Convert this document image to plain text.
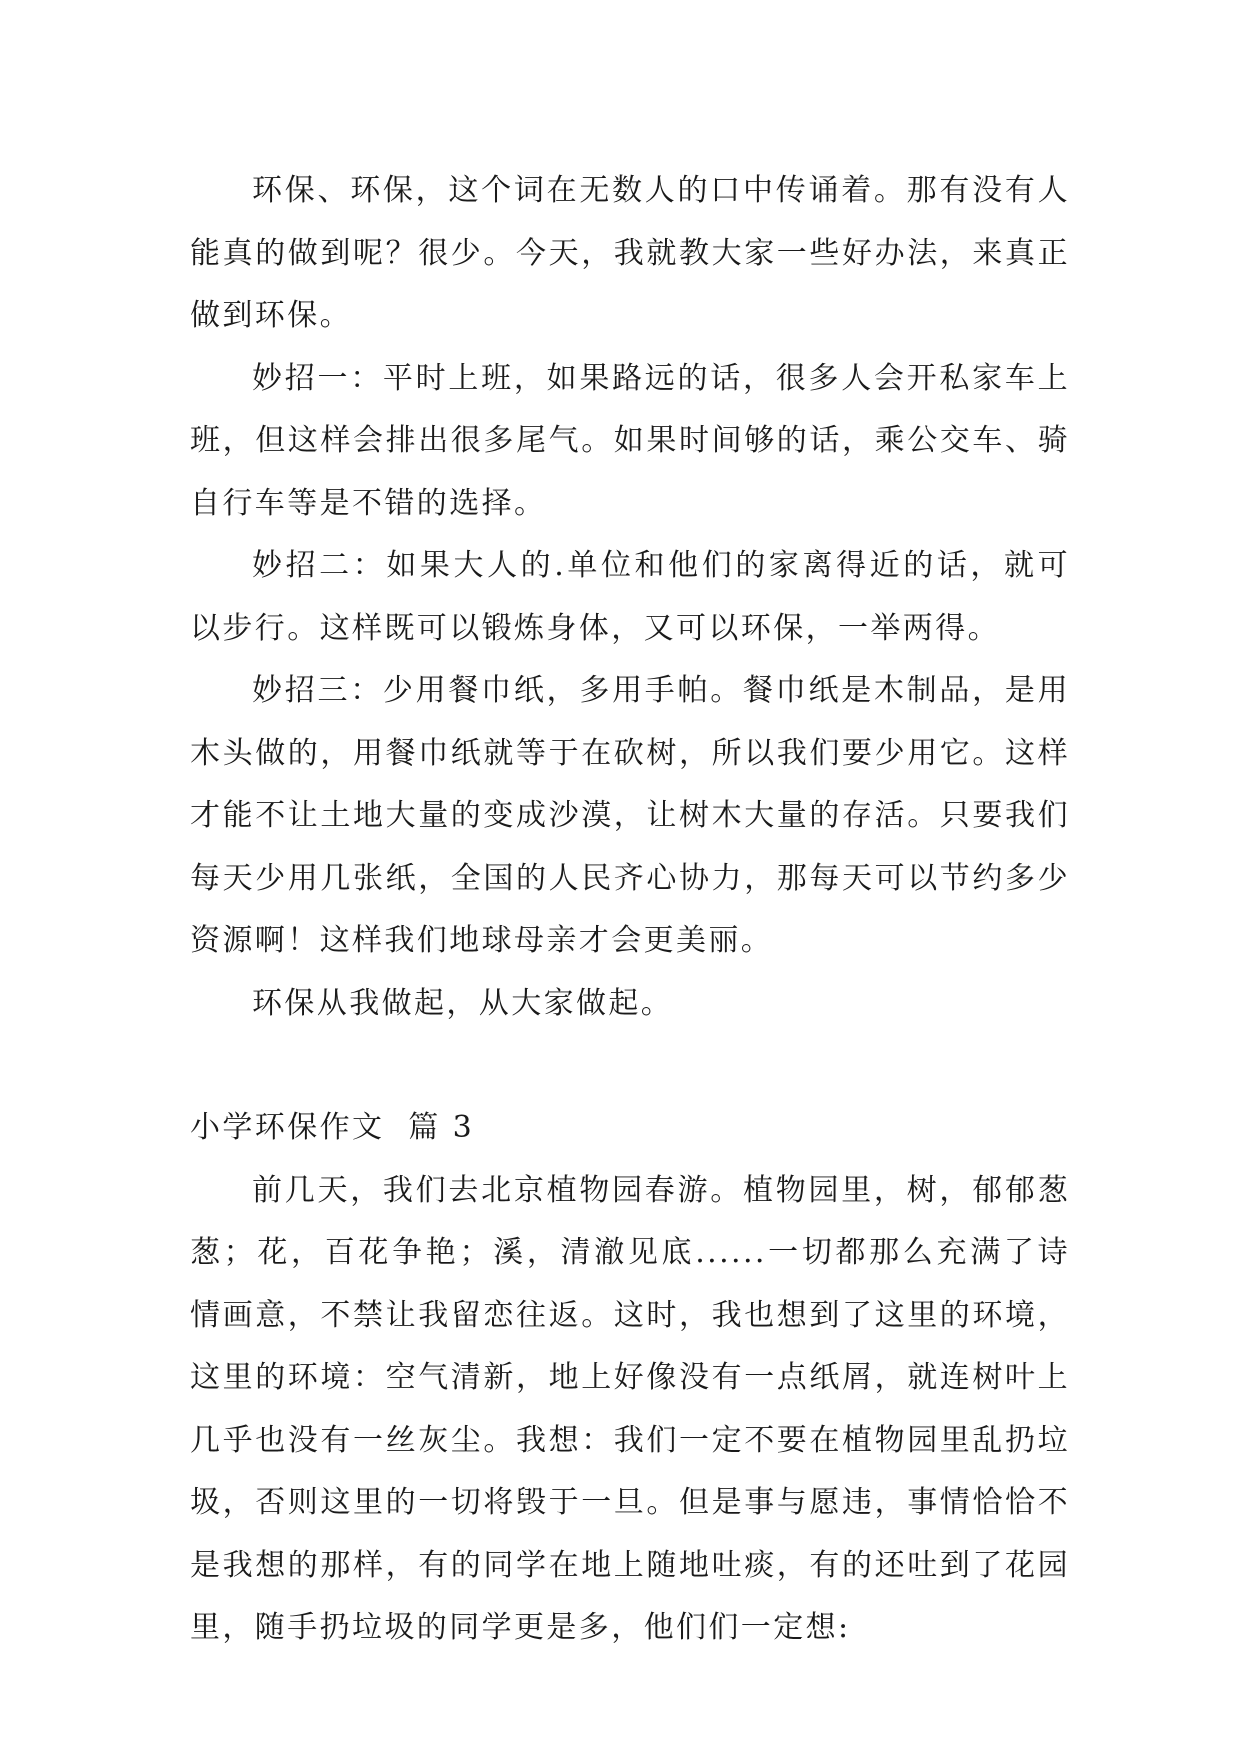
环保、环保，这个词在无数人的口中传诵着。那有没有人能真的做到呢？很少。今天，我就教大家一些好办法，来真正做到环保。

妙招一：平时上班，如果路远的话，很多人会开私家车上班，但这样会排出很多尾气。如果时间够的话，乘公交车、骑自行车等是不错的选择。

妙招二：如果大人的.单位和他们的家离得近的话，就可以步行。这样既可以锻炼身体，又可以环保，一举两得。

妙招三：少用餐巾纸，多用手帕。餐巾纸是木制品，是用木头做的，用餐巾纸就等于在砍树，所以我们要少用它。这样才能不让土地大量的变成沙漠，让树木大量的存活。只要我们每天少用几张纸，全国的人民齐心协力，那每天可以节约多少资源啊！这样我们地球母亲才会更美丽。

环保从我做起，从大家做起。

小学环保作文  篇 3

前几天，我们去北京植物园春游。植物园里，树，郁郁葱葱；花，百花争艳；溪，清澈见底......一切都那么充满了诗情画意，不禁让我留恋往返。这时，我也想到了这里的环境，这里的环境：空气清新，地上好像没有一点纸屑，就连树叶上几乎也没有一丝灰尘。我想：我们一定不要在植物园里乱扔垃圾，否则这里的一切将毁于一旦。但是事与愿违，事情恰恰不是我想的那样，有的同学在地上随地吐痰，有的还吐到了花园里，随手扔垃圾的同学更是多，他们们一定想:
